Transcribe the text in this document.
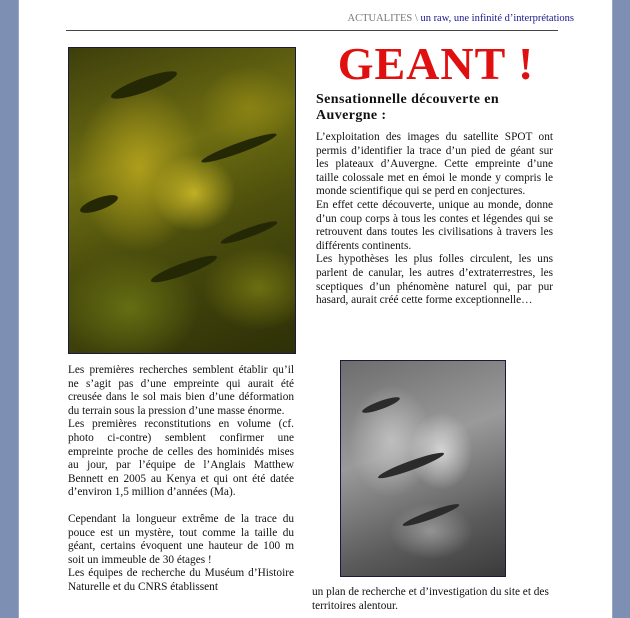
ACTUALITES \ un raw, une infinité d’interprétations
GEANT !
Sensationnelle découverte en Auvergne :

L’exploitation des images du satellite SPOT ont permis d’identifier la trace d’un pied de géant sur les plateaux d’Auvergne. Cette empreinte d’une taille colossale met en émoi le monde y compris le monde scientifique qui se perd en conjectures.

En effet cette découverte, unique au monde, donne d’un coup corps à tous les contes et légendes qui se retrouvent dans toutes les civilisations à travers les différents continents.

Les hypothèses les plus folles circulent, les uns parlent de canular, les autres d’extraterrestres, les sceptiques d’un phénomène naturel qui, par pur hasard, aurait créé cette forme exceptionnelle…

Les premières recherches semblent établir qu’il ne s’agit pas d’une empreinte qui aurait été creusée dans le sol mais bien d’une déformation du terrain sous la pression d’une masse énorme.

Les premières reconstitutions en volume (cf. photo ci-contre) semblent confirmer une empreinte proche de celles des hominidés mises au jour, par l’équipe de l’Anglais Matthew Bennett en 2005 au Kenya et qui ont été datée d’environ 1,5 million d’années (Ma).

Cependant la longueur extrême de la trace du pouce est un mystère, tout comme la taille du géant, certains évoquent une hauteur de 100 m soit un immeuble de 30 étages !

Les équipes de recherche du Muséum d’Histoire Naturelle et du CNRS établissent	un plan de recherche et d’investigation du site et des territoires alentour.
